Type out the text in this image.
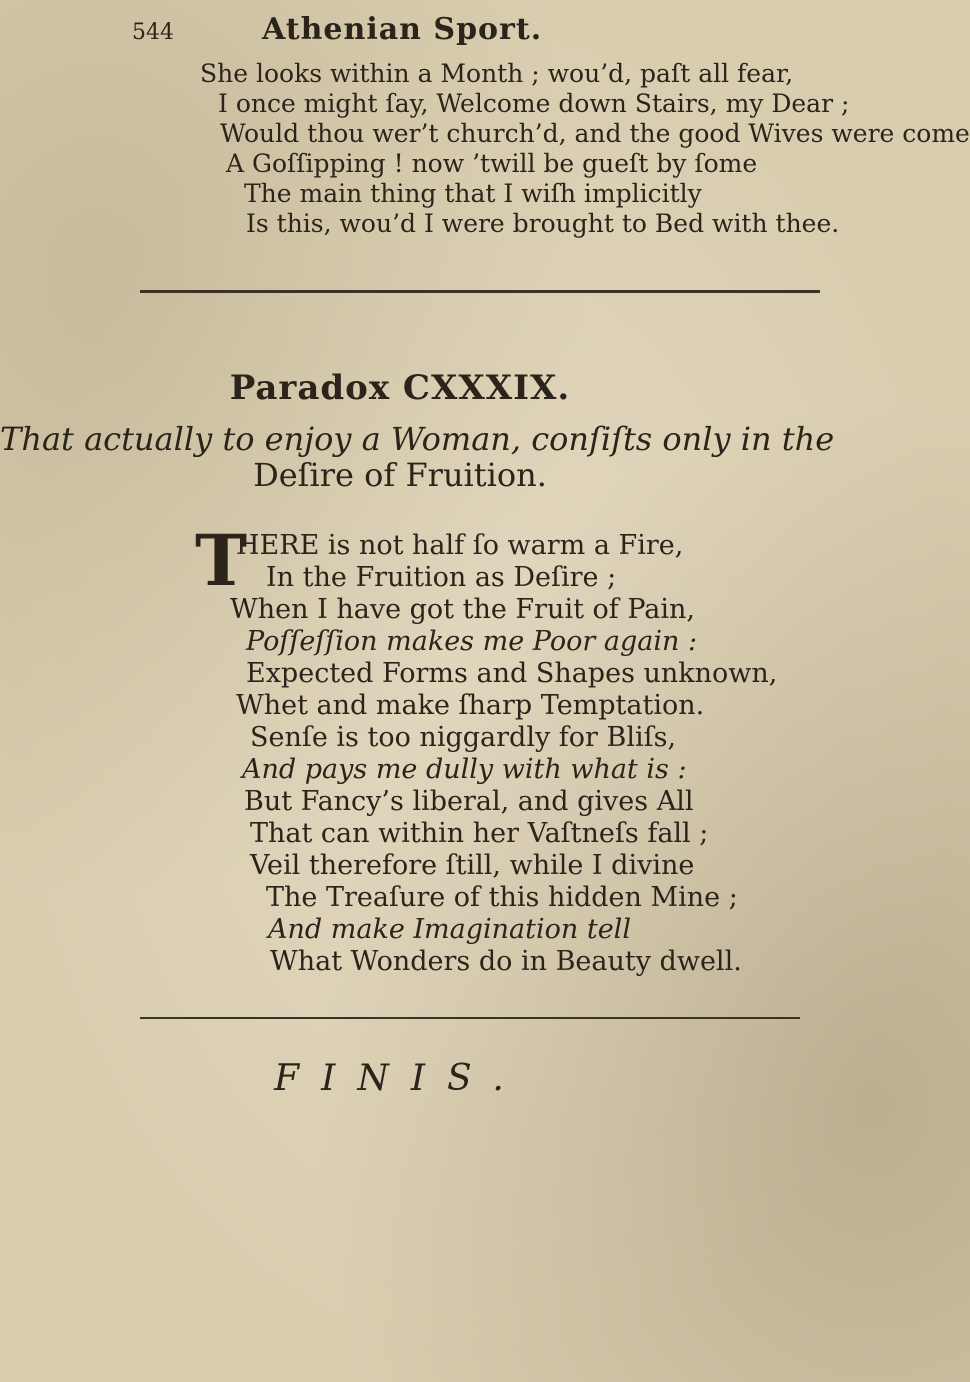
544	Athenian Sport.
She looks within a Month ; wou’d, paſt all fear,
I once might ſay, Welcome down Stairs, my Dear ;
Would thou wer’t church’d, and the good Wives were come
A Goſſipping ! now ’twill be gueſt by ſome
The main thing that I wiſh implicitly
Is this, wou’d I were brought to Bed with thee.
Paradox CXXXIX.
That actually to enjoy a Woman, conſiſts only in the
Deſire of Fruition.
T
HERE is not half ſo warm a Fire,
In the Fruition as Deſire ;
When I have got the Fruit of Pain,
Poſſeſſion makes me Poor again :
Expected Forms and Shapes unknown,
Whet and make ſharp Temptation.
Senſe is too niggardly for Bliſs,
And pays me dully with what is :
But Fancy’s liberal, and gives All
That can within her Vaſtneſs fall ;
Veil therefore ſtill, while I divine
The Treaſure of this hidden Mine ;
And make Imagination tell
What Wonders do in Beauty dwell.
FINIS.
